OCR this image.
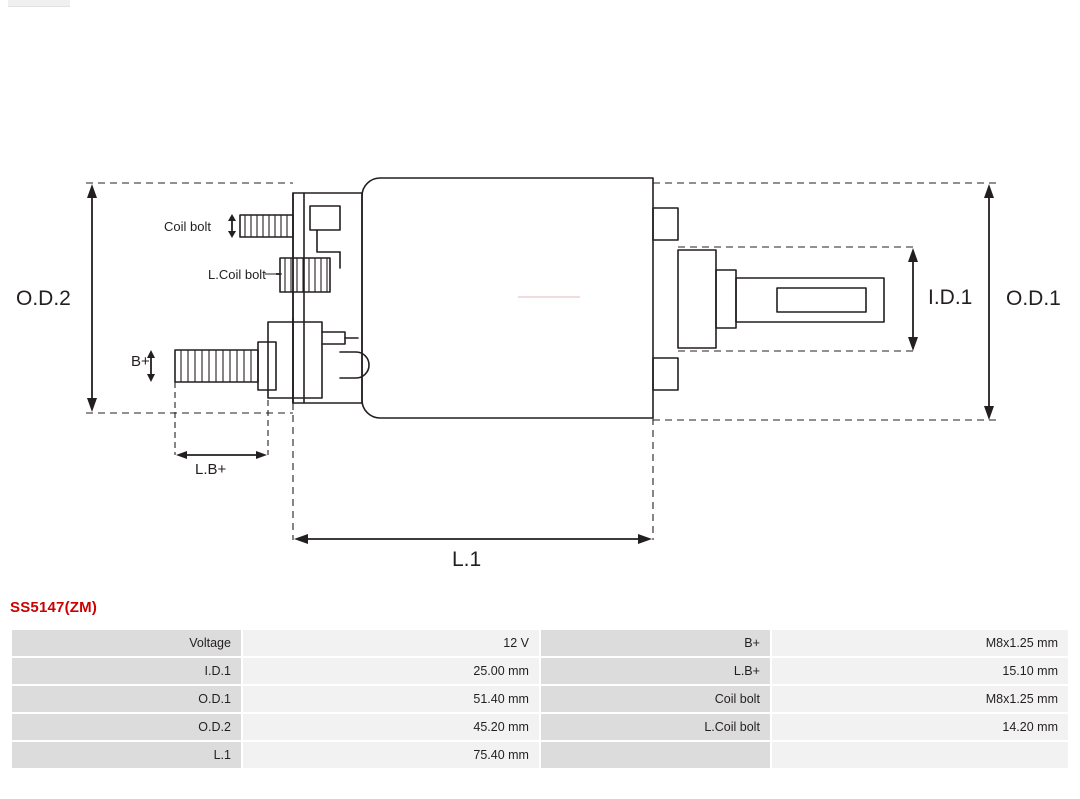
O.D.2	O.D.1
I.D.1
L.1
L.B+
B+
Coil bolt
L.Coil bolt
SS5147(ZM)
Voltage	12 V	B+	M8x1.25 mm
I.D.1	25.00 mm	L.B+	15.10 mm
O.D.1	51.40 mm	Coil bolt	M8x1.25 mm
O.D.2	45.20 mm	L.Coil bolt	14.20 mm
L.1	75.40 mm		
